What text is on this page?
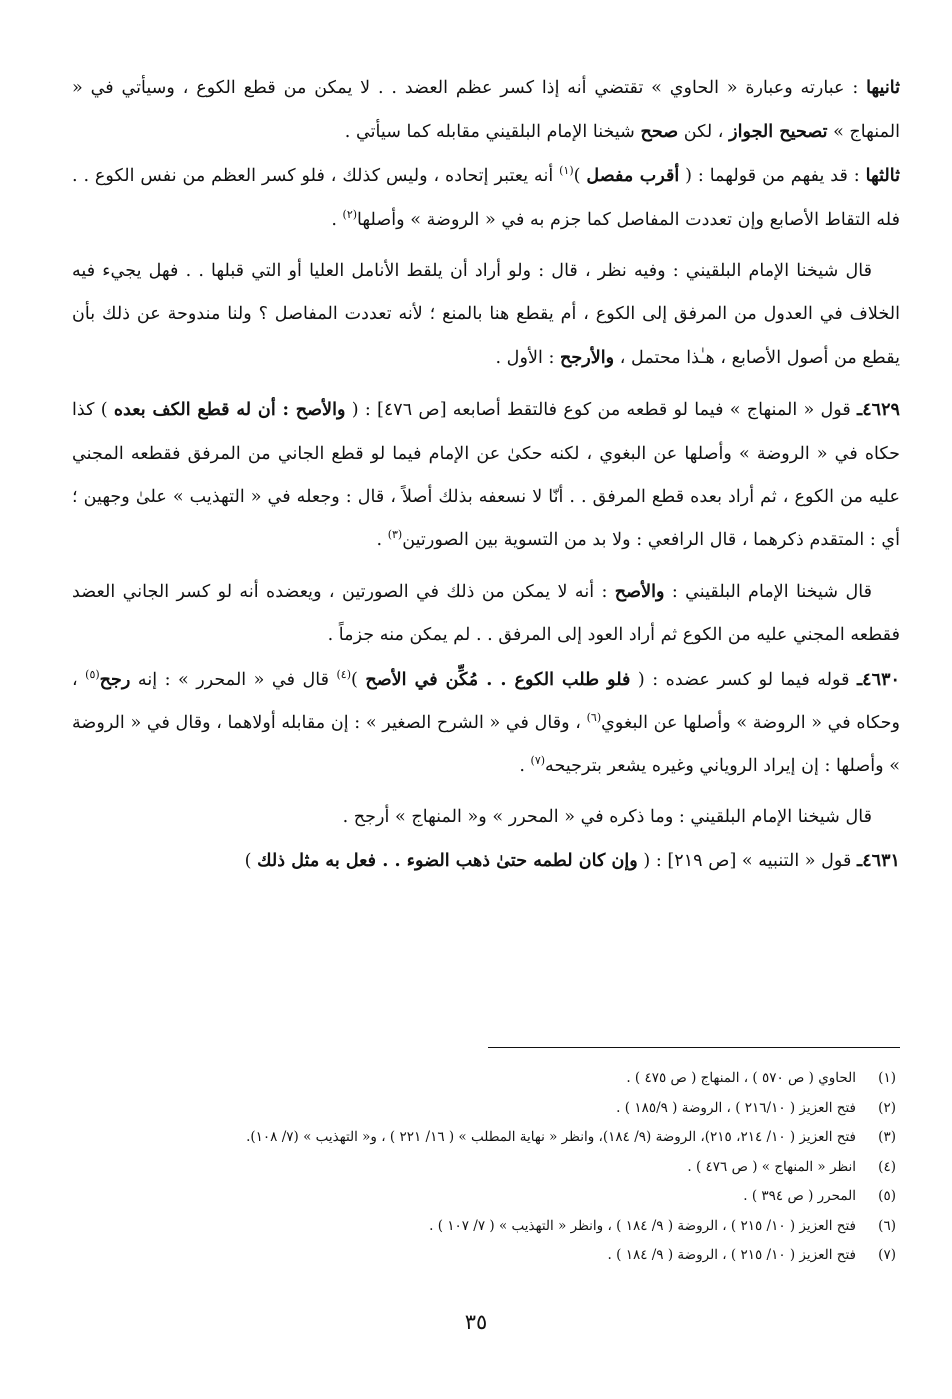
ثانيها : عبارته وعبارة « الحاوي » تقتضي أنه إذا كسر عظم العضد . . لا يمكن من قطع الكوع ، وسيأتي في « المنهاج » تصحيح الجواز ، لكن صحح شيخنا الإمام البلقيني مقابله كما سيأتي .

ثالثها : قد يفهم من قولهما : ( أقرب مفصل )$^{(١)}$ أنه يعتبر إتحاده ، وليس كذلك ، فلو كسر العظم من نفس الكوع . . فله التقاط الأصابع وإن تعددت المفاصل كما جزم به في « الروضة » وأصلها$^{(٢)}$ .

قال شيخنا الإمام البلقيني : وفيه نظر ، قال : ولو أراد أن يلقط الأنامل العليا أو التي قبلها . . فهل يجيء فيه الخلاف في العدول من المرفق إلى الكوع ، أم يقطع هنا بالمنع ؛ لأنه تعددت المفاصل ؟ ولنا مندوحة عن ذلك بأن يقطع من أصول الأصابع ، هـٰذا محتمل ، والأرجح : الأول .

٤٦٢٩ـ قول « المنهاج » فيما لو قطعه من كوع فالتقط أصابعه [ص ٤٧٦] : ( والأصح : أن له قطع الكف بعده ) كذا حكاه في « الروضة » وأصلها عن البغوي ، لكنه حكىٰ عن الإمام فيما لو قطع الجاني من المرفق فقطعه المجني عليه من الكوع ، ثم أراد بعده قطع المرفق . . أنّا لا نسعفه بذلك أصلاً ، قال : وجعله في « التهذيب » علىٰ وجهين ؛ أي : المتقدم ذكرهما ، قال الرافعي : ولا بد من التسوية بين الصورتين$^{(٣)}$ .

قال شيخنا الإمام البلقيني : والأصح : أنه لا يمكن من ذلك في الصورتين ، ويعضده أنه لو كسر الجاني العضد فقطعه المجني عليه من الكوع ثم أراد العود إلى المرفق . . لم يمكن منه جزماً .

٤٦٣٠ـ قوله فيما لو كسر عضده : ( فلو طلب الكوع . . مُكِّن في الأصح )$^{(٤)}$ قال في « المحرر » : إنه رجح$^{(٥)}$ ، وحكاه في « الروضة » وأصلها عن البغوي$^{(٦)}$ ، وقال في « الشرح الصغير » : إن مقابله أولاهما ، وقال في « الروضة » وأصلها : إن إيراد الروياني وغيره يشعر بترجيحه$^{(٧)}$ .

قال شيخنا الإمام البلقيني : وما ذكره في « المحرر » و« المنهاج » أرجح .

٤٦٣١ـ قول « التنبيه » [ص ٢١٩] : ( وإن كان لطمه حتىٰ ذهب الضوء . . فعل به مثل ذلك )

(١)
الحاوي ( ص ٥٧٠ ) ، المنهاج ( ص ٤٧٥ ) .
(٢)
فتح العزيز ( ٢١٦/١٠ ) ، الروضة ( ١٨٥/٩ ) .
(٣)
فتح العزيز ( ١٠/ ٢١٤، ٢١٥)، الروضة (٩/ ١٨٤)، وانظر « نهاية المطلب » ( ١٦/ ٢٢١ ) ، و« التهذيب » (٧/ ١٠٨).
(٤)
انظر « المنهاج » ( ص ٤٧٦ ) .
(٥)
المحرر ( ص ٣٩٤ ) .
(٦)
فتح العزيز ( ١٠/ ٢١٥ ) ، الروضة ( ٩/ ١٨٤ ) ، وانظر « التهذيب » ( ٧/ ١٠٧ ) .
(٧)
فتح العزيز ( ١٠/ ٢١٥ ) ، الروضة ( ٩/ ١٨٤ ) .
٣٥
